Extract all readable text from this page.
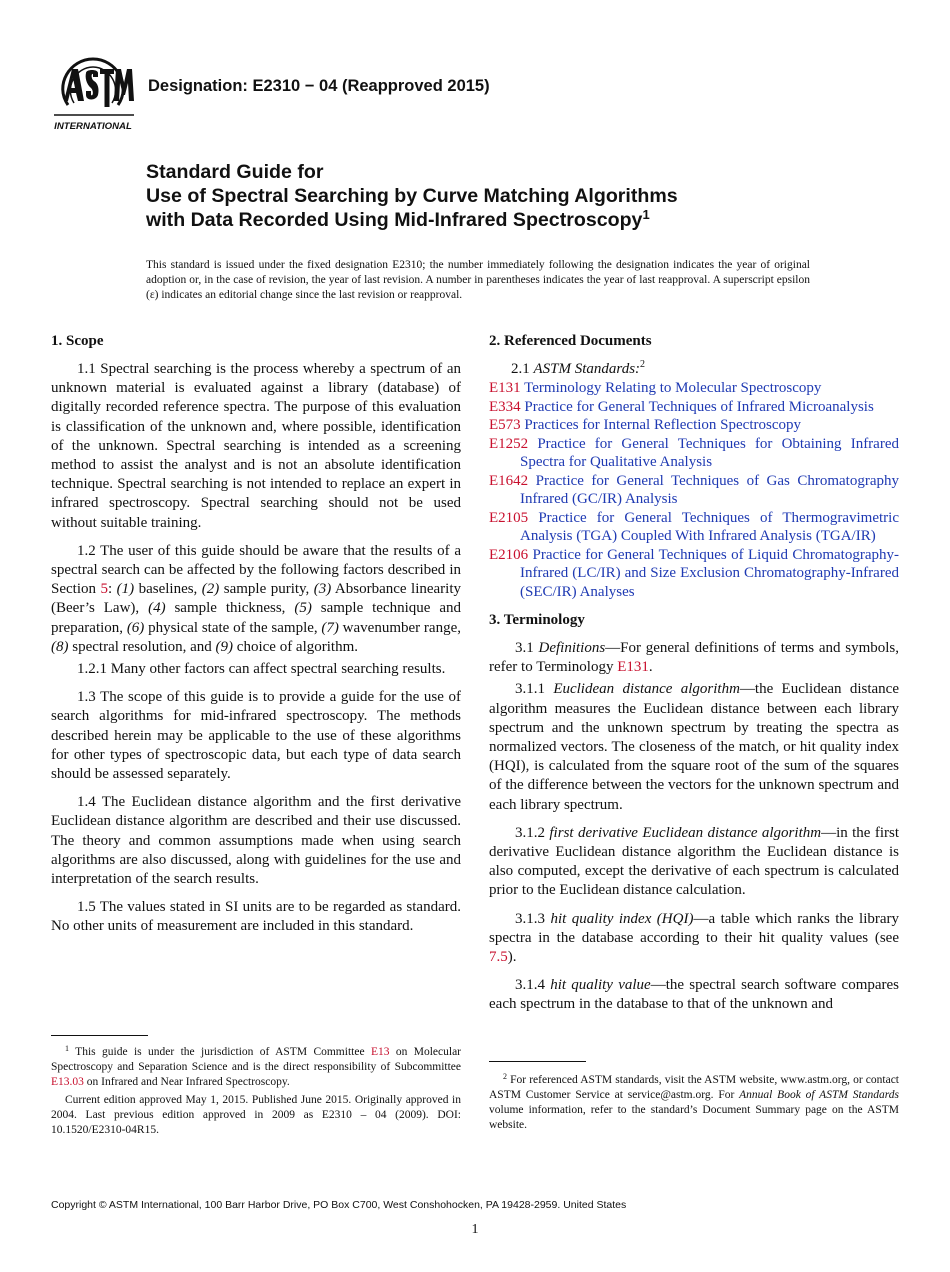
INTERNATIONAL
Designation: E2310 − 04 (Reapproved 2015)
Standard Guide for
Use of Spectral Searching by Curve Matching Algorithms
with Data Recorded Using Mid-Infrared Spectroscopy$^1$
This standard is issued under the fixed designation E2310; the number immediately following the designation indicates the year of original adoption or, in the case of revision, the year of last revision. A number in parentheses indicates the year of last reapproval. A superscript epsilon (ε) indicates an editorial change since the last revision or reapproval.
1. Scope

1.1 Spectral searching is the process whereby a spectrum of an unknown material is evaluated against a library (database) of digitally recorded reference spectra. The purpose of this evaluation is classification of the unknown and, where possible, identification of the unknown. Spectral searching is intended as a screening method to assist the analyst and is not an absolute identification technique. Spectral searching is not intended to replace an expert in infrared spectroscopy. Spectral searching should not be used without suitable training.

1.2 The user of this guide should be aware that the results of a spectral search can be affected by the following factors described in Section 5: (1) baselines, (2) sample purity, (3) Absorbance linearity (Beer’s Law), (4) sample thickness, (5) sample technique and preparation, (6) physical state of the sample, (7) wavenumber range, (8) spectral resolution, and (9) choice of algorithm.

1.2.1 Many other factors can affect spectral searching results.

1.3 The scope of this guide is to provide a guide for the use of search algorithms for mid-infrared spectroscopy. The methods described herein may be applicable to the use of these algorithms for other types of spectroscopic data, but each type of data search should be assessed separately.

1.4 The Euclidean distance algorithm and the first derivative Euclidean distance algorithm are described and their use discussed. The theory and common assumptions made when using search algorithms are also discussed, along with guidelines for the use and interpretation of the search results.

1.5 The values stated in SI units are to be regarded as standard. No other units of measurement are included in this standard.

2. Referenced Documents
2.1 ASTM Standards:$^2$
E131 Terminology Relating to Molecular Spectroscopy
E334 Practice for General Techniques of Infrared Microanalysis
E573 Practices for Internal Reflection Spectroscopy
E1252 Practice for General Techniques for Obtaining Infrared Spectra for Qualitative Analysis
E1642 Practice for General Techniques of Gas Chromatography Infrared (GC/IR) Analysis
E2105 Practice for General Techniques of Thermogravimetric Analysis (TGA) Coupled With Infrared Analysis (TGA/IR)
E2106 Practice for General Techniques of Liquid Chromatography-Infrared (LC/IR) and Size Exclusion Chromatography-Infrared (SEC/IR) Analyses
3. Terminology

3.1 Definitions—For general definitions of terms and symbols, refer to Terminology E131.

3.1.1 Euclidean distance algorithm—the Euclidean distance algorithm measures the Euclidean distance between each library spectrum and the unknown spectrum by treating the spectra as normalized vectors. The closeness of the match, or hit quality index (HQI), is calculated from the square root of the sum of the squares of the difference between the vectors for the unknown spectrum and each library spectrum.

3.1.2 first derivative Euclidean distance algorithm—in the first derivative Euclidean distance algorithm the Euclidean distance is also computed, except the derivative of each spectrum is calculated prior to the Euclidean distance calculation.

3.1.3 hit quality index (HQI)—a table which ranks the library spectra in the database according to their hit quality values (see 7.5).

3.1.4 hit quality value—the spectral search software compares each spectrum in the database to that of the unknown and

$^1$ This guide is under the jurisdiction of ASTM Committee E13 on Molecular Spectroscopy and Separation Science and is the direct responsibility of Subcommittee E13.03 on Infrared and Near Infrared Spectroscopy.

Current edition approved May 1, 2015. Published June 2015. Originally approved in 2004. Last previous edition approved in 2009 as E2310 – 04 (2009). DOI: 10.1520/E2310-04R15.

$^2$ For referenced ASTM standards, visit the ASTM website, www.astm.org, or contact ASTM Customer Service at service@astm.org. For Annual Book of ASTM Standards volume information, refer to the standard’s Document Summary page on the ASTM website.

Copyright © ASTM International, 100 Barr Harbor Drive, PO Box C700, West Conshohocken, PA 19428-2959. United States
1
